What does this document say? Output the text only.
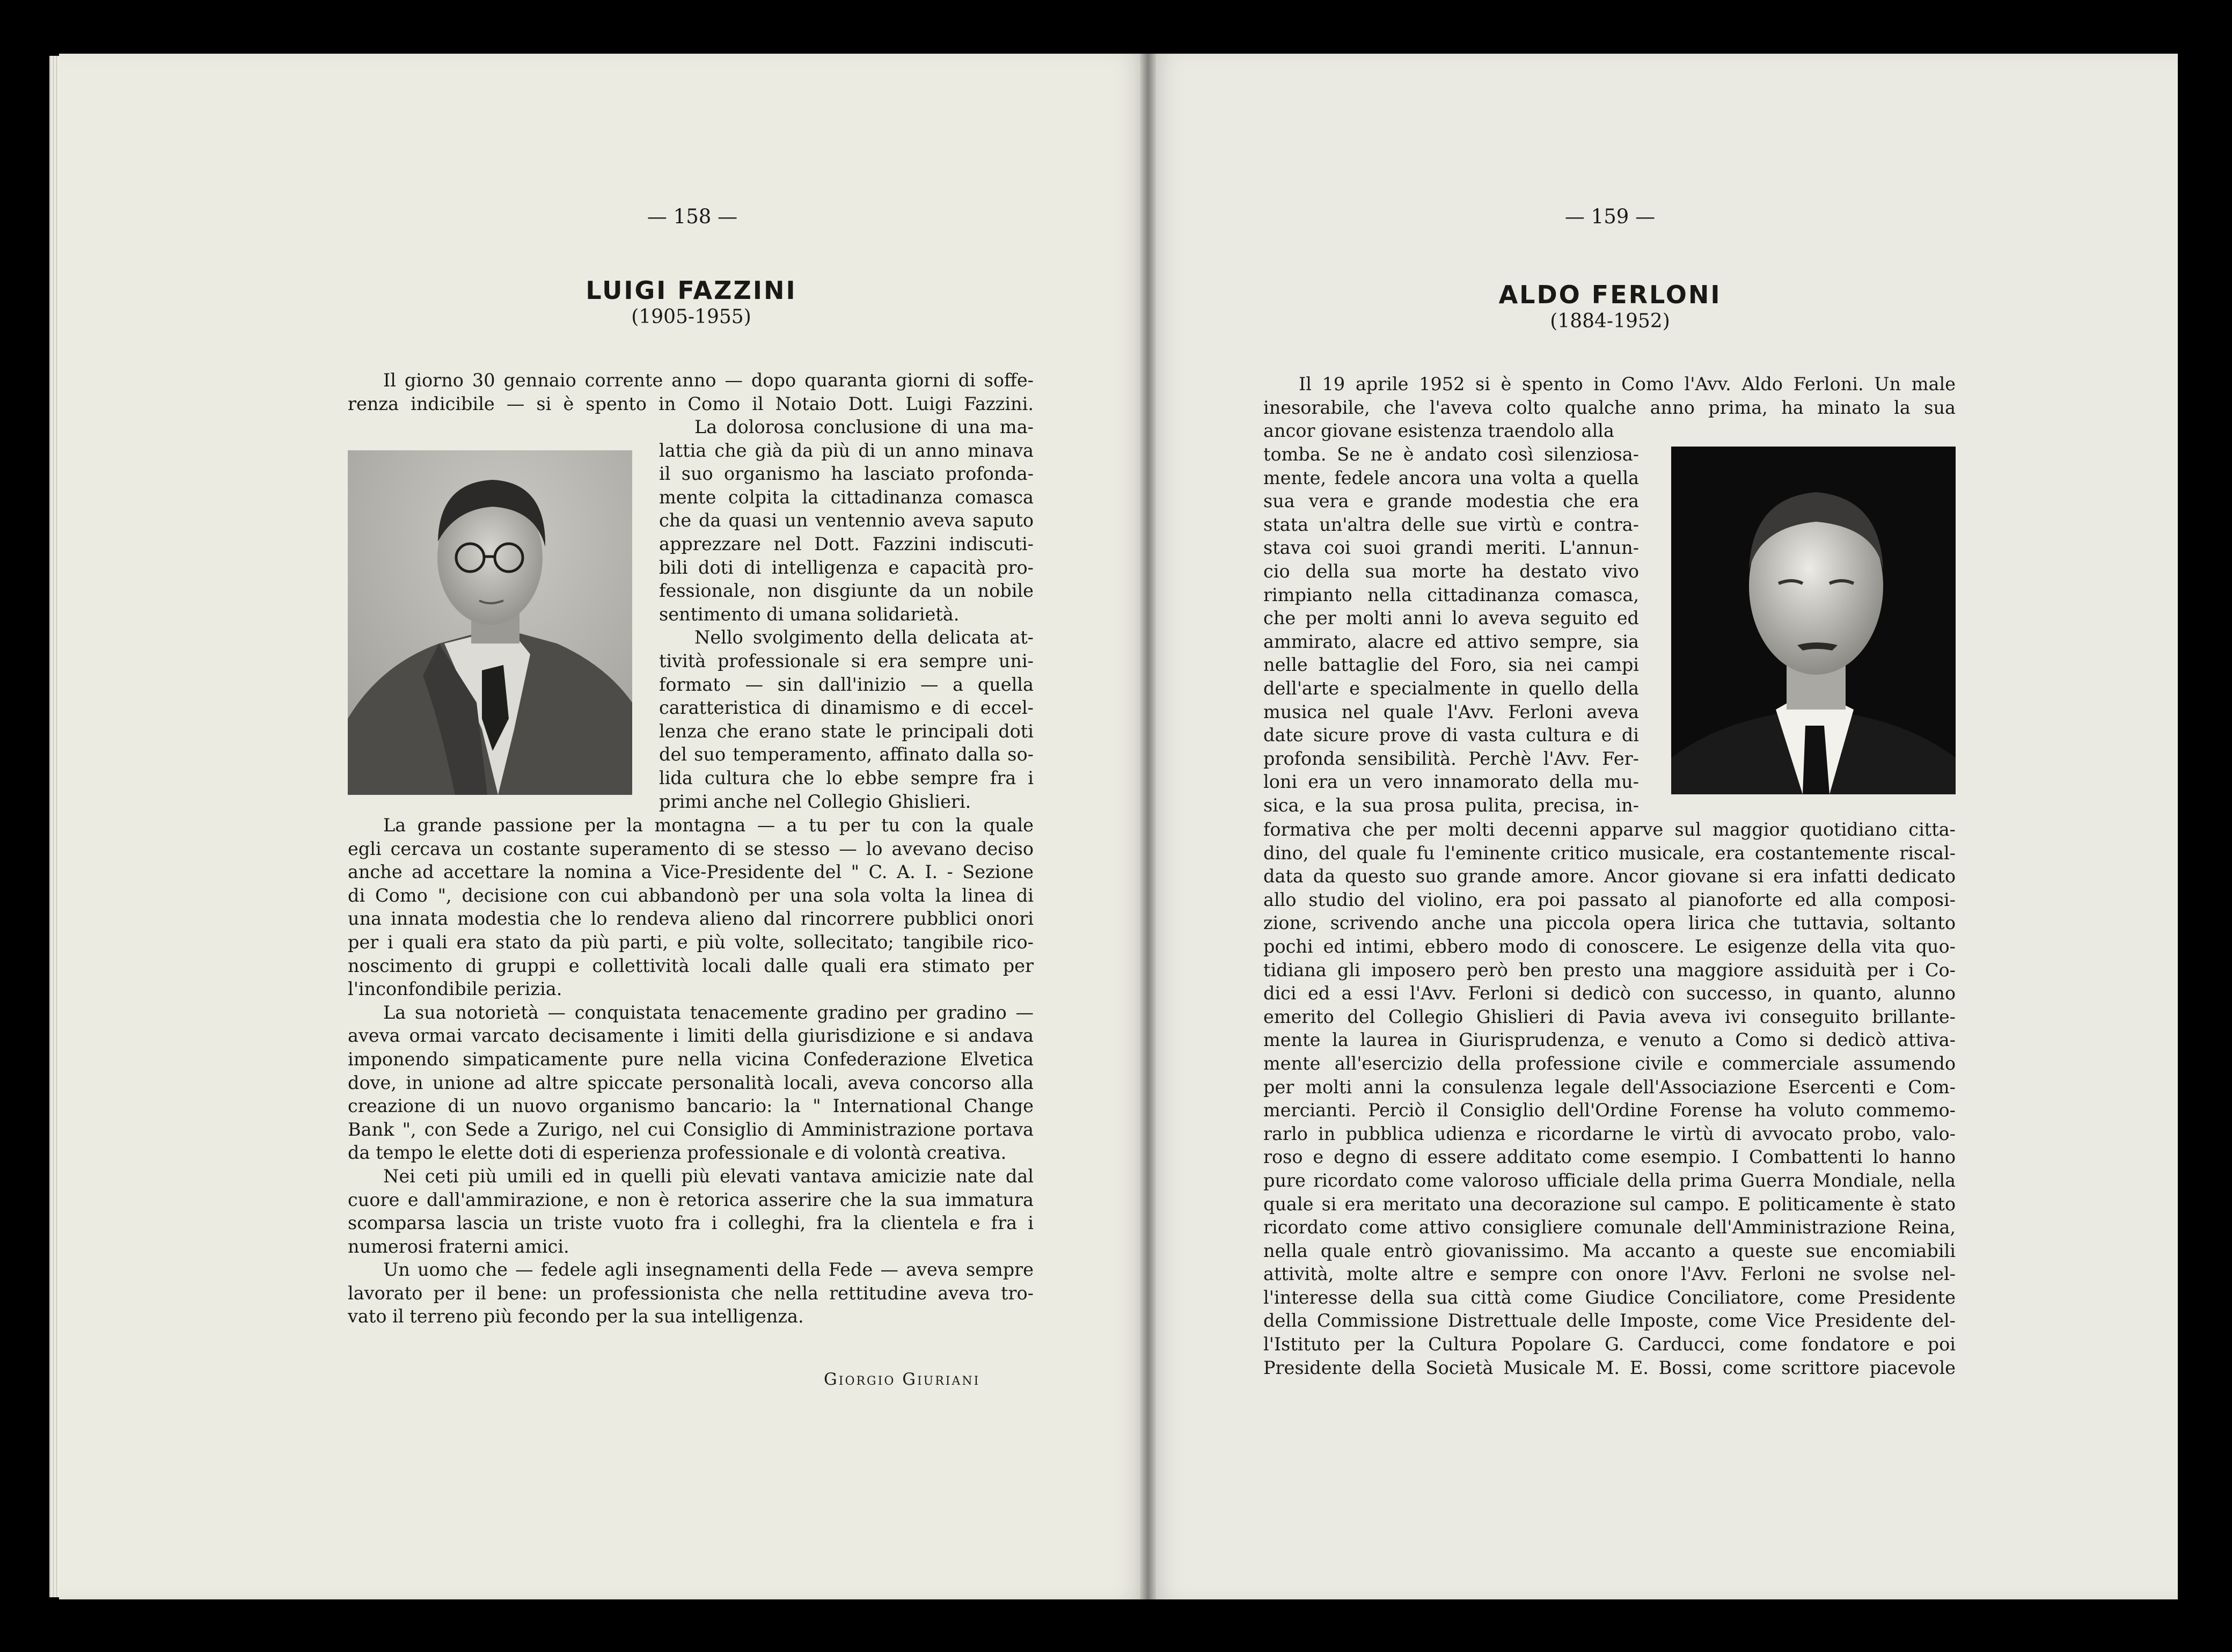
— 158 —
LUIGI FAZZINI
(1905-1955)
Il giorno 30 gennaio corrente anno — dopo quaranta giorni di soffe-
renza indicibile — si è spento in Como il Notaio Dott. Luigi Fazzini.
La dolorosa conclusione di una ma-
lattia che già da più di un anno minava
il suo organismo ha lasciato profonda-
mente colpita la cittadinanza comasca
che da quasi un ventennio aveva saputo
apprezzare nel Dott. Fazzini indiscuti-
bili doti di intelligenza e capacità pro-
fessionale, non disgiunte da un nobile
sentimento di umana solidarietà.
Nello svolgimento della delicata at-
tività professionale si era sempre uni-
formato — sin dall'inizio — a quella
caratteristica di dinamismo e di eccel-
lenza che erano state le principali doti
del suo temperamento, affinato dalla so-
lida cultura che lo ebbe sempre fra i
primi anche nel Collegio Ghislieri.
La grande passione per la montagna — a tu per tu con la quale
egli cercava un costante superamento di se stesso — lo avevano deciso
anche ad accettare la nomina a Vice-Presidente del " C. A. I. - Sezione
di Como ", decisione con cui abbandonò per una sola volta la linea di
una innata modestia che lo rendeva alieno dal rincorrere pubblici onori
per i quali era stato da più parti, e più volte, sollecitato; tangibile rico-
noscimento di gruppi e collettività locali dalle quali era stimato per
l'inconfondibile perizia.
La sua notorietà — conquistata tenacemente gradino per gradino —
aveva ormai varcato decisamente i limiti della giurisdizione e si andava
imponendo simpaticamente pure nella vicina Confederazione Elvetica
dove, in unione ad altre spiccate personalità locali, aveva concorso alla
creazione di un nuovo organismo bancario: la " International Change
Bank ", con Sede a Zurigo, nel cui Consiglio di Amministrazione portava
da tempo le elette doti di esperienza professionale e di volontà creativa.
Nei ceti più umili ed in quelli più elevati vantava amicizie nate dal
cuore e dall'ammirazione, e non è retorica asserire che la sua immatura
scomparsa lascia un triste vuoto fra i colleghi, fra la clientela e fra i
numerosi fraterni amici.
Un uomo che — fedele agli insegnamenti della Fede — aveva sempre
lavorato per il bene: un professionista che nella rettitudine aveva tro-
vato il terreno più fecondo per la sua intelligenza.
Giorgio Giuriani
— 159 —
ALDO FERLONI
(1884-1952)
Il 19 aprile 1952 si è spento in Como l'Avv. Aldo Ferloni. Un male
inesorabile, che l'aveva colto qualche anno prima, ha minato la sua
ancor giovane esistenza traendolo alla
tomba. Se ne è andato così silenziosa-
mente, fedele ancora una volta a quella
sua vera e grande modestia che era
stata un'altra delle sue virtù e contra-
stava coi suoi grandi meriti. L'annun-
cio della sua morte ha destato vivo
rimpianto nella cittadinanza comasca,
che per molti anni lo aveva seguito ed
ammirato, alacre ed attivo sempre, sia
nelle battaglie del Foro, sia nei campi
dell'arte e specialmente in quello della
musica nel quale l'Avv. Ferloni aveva
date sicure prove di vasta cultura e di
profonda sensibilità. Perchè l'Avv. Fer-
loni era un vero innamorato della mu-
sica, e la sua prosa pulita, precisa, in-
formativa che per molti decenni apparve sul maggior quotidiano citta-
dino, del quale fu l'eminente critico musicale, era costantemente riscal-
data da questo suo grande amore. Ancor giovane si era infatti dedicato
allo studio del violino, era poi passato al pianoforte ed alla composi-
zione, scrivendo anche una piccola opera lirica che tuttavia, soltanto
pochi ed intimi, ebbero modo di conoscere. Le esigenze della vita quo-
tidiana gli imposero però ben presto una maggiore assiduità per i Co-
dici ed a essi l'Avv. Ferloni si dedicò con successo, in quanto, alunno
emerito del Collegio Ghislieri di Pavia aveva ivi conseguito brillante-
mente la laurea in Giurisprudenza, e venuto a Como si dedicò attiva-
mente all'esercizio della professione civile e commerciale assumendo
per molti anni la consulenza legale dell'Associazione Esercenti e Com-
mercianti. Perciò il Consiglio dell'Ordine Forense ha voluto commemo-
rarlo in pubblica udienza e ricordarne le virtù di avvocato probo, valo-
roso e degno di essere additato come esempio. I Combattenti lo hanno
pure ricordato come valoroso ufficiale della prima Guerra Mondiale, nella
quale si era meritato una decorazione sul campo. E politicamente è stato
ricordato come attivo consigliere comunale dell'Amministrazione Reina,
nella quale entrò giovanissimo. Ma accanto a queste sue encomiabili
attività, molte altre e sempre con onore l'Avv. Ferloni ne svolse nel-
l'interesse della sua città come Giudice Conciliatore, come Presidente
della Commissione Distrettuale delle Imposte, come Vice Presidente del-
l'Istituto per la Cultura Popolare G. Carducci, come fondatore e poi
Presidente della Società Musicale M. E. Bossi, come scrittore piacevole
